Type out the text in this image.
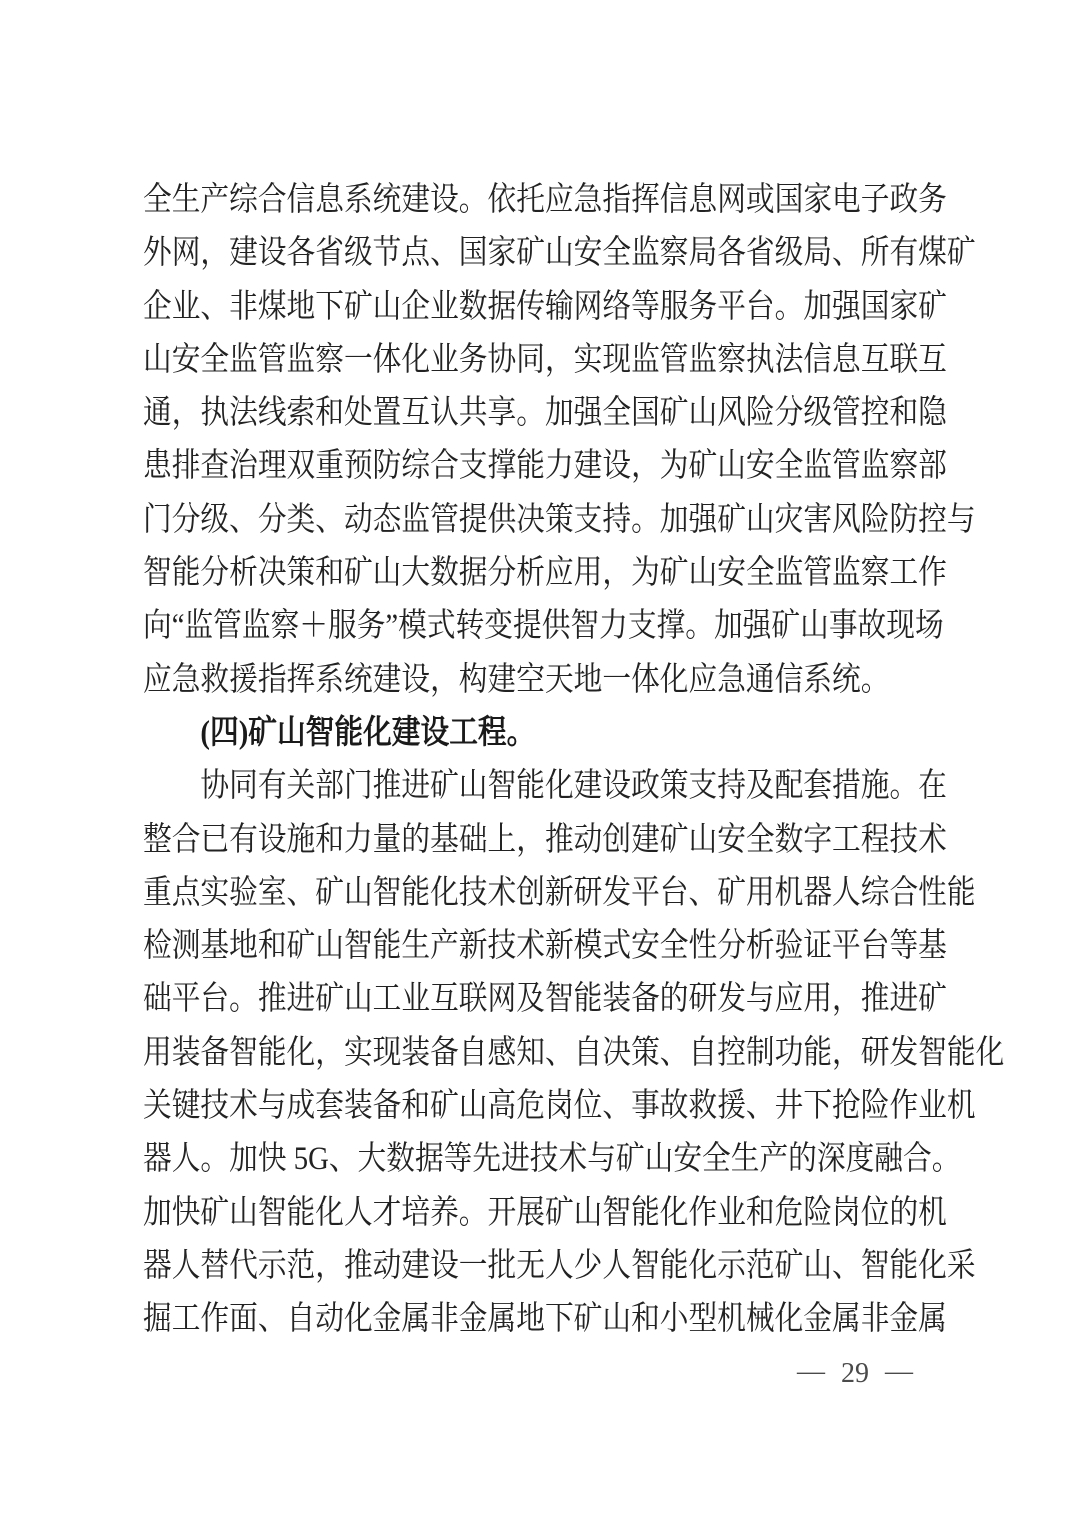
全生产综合信息系统建设。依托应急指挥信息网或国家电子政务
外网，建设各省级节点、国家矿山安全监察局各省级局、所有煤矿
企业、非煤地下矿山企业数据传输网络等服务平台。加强国家矿
山安全监管监察一体化业务协同，实现监管监察执法信息互联互
通，执法线索和处置互认共享。加强全国矿山风险分级管控和隐
患排查治理双重预防综合支撑能力建设，为矿山安全监管监察部
门分级、分类、动态监管提供决策支持。加强矿山灾害风险防控与
智能分析决策和矿山大数据分析应用，为矿山安全监管监察工作
向“监管监察＋服务”模式转变提供智力支撑。加强矿山事故现场
应急救援指挥系统建设，构建空天地一体化应急通信系统。
(四)矿山智能化建设工程。
协同有关部门推进矿山智能化建设政策支持及配套措施。在
整合已有设施和力量的基础上，推动创建矿山安全数字工程技术
重点实验室、矿山智能化技术创新研发平台、矿用机器人综合性能
检测基地和矿山智能生产新技术新模式安全性分析验证平台等基
础平台。推进矿山工业互联网及智能装备的研发与应用，推进矿
用装备智能化，实现装备自感知、自决策、自控制功能，研发智能化
关键技术与成套装备和矿山高危岗位、事故救援、井下抢险作业机
器人。加快 5G、大数据等先进技术与矿山安全生产的深度融合。
加快矿山智能化人才培养。开展矿山智能化作业和危险岗位的机
器人替代示范，推动建设一批无人少人智能化示范矿山、智能化采
掘工作面、自动化金属非金属地下矿山和小型机械化金属非金属
— 29 —
